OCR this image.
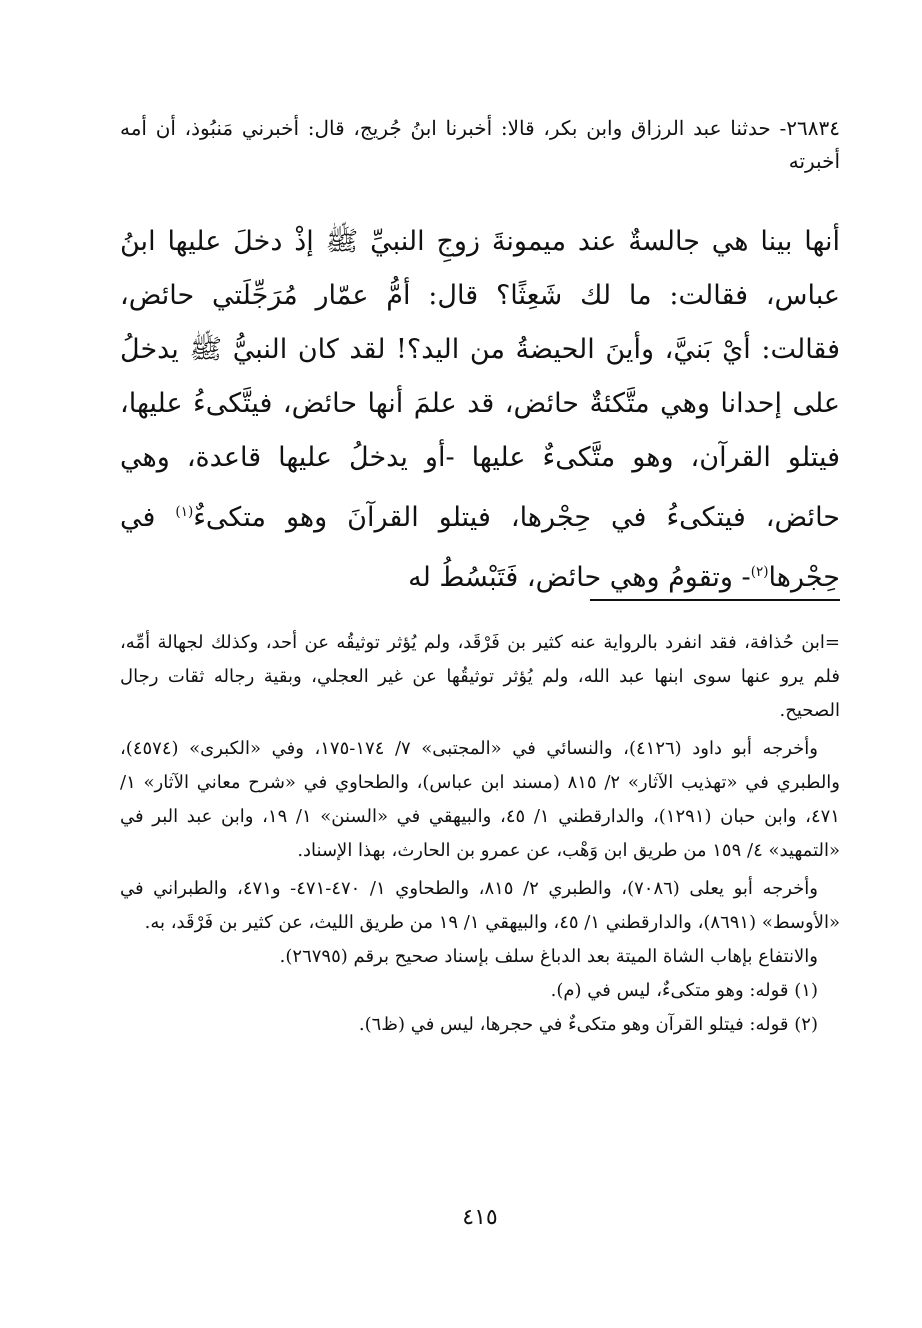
٢٦٨٣٤- حدثنا عبد الرزاق وابن بكر، قالا: أخبرنا ابنُ جُريج، قال: أخبرني مَنبُوذ، أن أمه أخبرته

أنها بينا هي جالسةٌ عند ميمونةَ زوجِ النبيِّ ﷺ إذْ دخلَ عليها ابنُ عباس، فقالت: ما لك شَعِثًا؟ قال: أمُّ عمّار مُرَجِّلَتي حائض، فقالت: أيْ بَنيَّ، وأينَ الحيضةُ من اليد؟! لقد كان النبيُّ ﷺ يدخلُ على إحدانا وهي متَّكئةٌ حائض، قد علمَ أنها حائض، فيتَّكىءُ عليها، فيتلو القرآن، وهو متَّكىءٌ عليها -أو يدخلُ عليها قاعدة، وهي حائض، فيتكىءُ في حِجْرها، فيتلو القرآنَ وهو متكىءٌ$^{(١)}$ في حِجْرها$^{(٢)}$- وتقومُ وهي حائض، فَتَبْسُطُ له

=ابن حُذافة، فقد انفرد بالرواية عنه كثير بن فَرْقَد، ولم يُؤثر توثيقُه عن أحد، وكذلك لجهالة أمِّه، فلم يرو عنها سوى ابنها عبد الله، ولم يُؤثر توثيقُها عن غير العجلي، وبقية رجاله ثقات رجال الصحيح.

وأخرجه أبو داود (٤١٢٦)، والنسائي في «المجتبى» ٧/ ١٧٤-١٧٥، وفي «الكبرى» (٤٥٧٤)، والطبري في «تهذيب الآثار» ٢/ ٨١٥ (مسند ابن عباس)، والطحاوي في «شرح معاني الآثار» ١/ ٤٧١، وابن حبان (١٢٩١)، والدارقطني ١/ ٤٥، والبيهقي في «السنن» ١/ ١٩، وابن عبد البر في «التمهيد» ٤/ ١٥٩ من طريق ابن وَهْب، عن عمرو بن الحارث، بهذا الإسناد.

وأخرجه أبو يعلى (٧٠٨٦)، والطبري ٢/ ٨١٥، والطحاوي ١/ ٤٧٠-٤٧١- و٤٧١، والطبراني في «الأوسط» (٨٦٩١)، والدارقطني ١/ ٤٥، والبيهقي ١/ ١٩ من طريق الليث، عن كثير بن فَرْقَد، به.

والانتفاع بإهاب الشاة الميتة بعد الدباغ سلف بإسناد صحيح برقم (٢٦٧٩٥).

(١) قوله: وهو متكىءٌ، ليس في (م).

(٢) قوله: فيتلو القرآن وهو متكىءٌ في حجرها، ليس في (ظ٦).

٤١٥
